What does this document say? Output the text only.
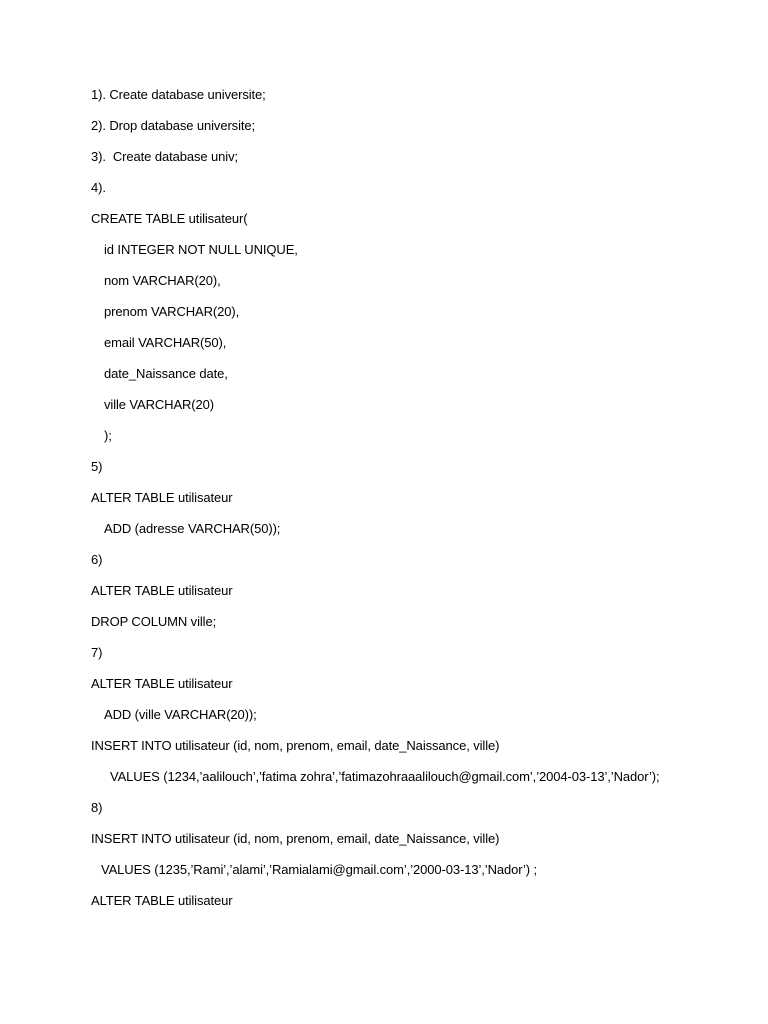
1). Create database universite;
2). Drop database universite;
3).  Create database univ;
4).
CREATE TABLE utilisateur(
id INTEGER NOT NULL UNIQUE,
nom VARCHAR(20),
prenom VARCHAR(20),
email VARCHAR(50),
date_Naissance date,
ville VARCHAR(20)
);
5)
ALTER TABLE utilisateur
ADD (adresse VARCHAR(50));
6)
ALTER TABLE utilisateur
DROP COLUMN ville;
7)
ALTER TABLE utilisateur
ADD (ville VARCHAR(20));
INSERT INTO utilisateur (id, nom, prenom, email, date_Naissance, ville)
VALUES (1234,’aalilouch’,’fatima zohra’,’fatimazohraaalilouch@gmail.com’,’2004-03-13’,’Nador’);
8)
INSERT INTO utilisateur (id, nom, prenom, email, date_Naissance, ville)
VALUES (1235,’Rami’,’alami’,’Ramialami@gmail.com’,’2000-03-13’,’Nador’) ;
ALTER TABLE utilisateur
